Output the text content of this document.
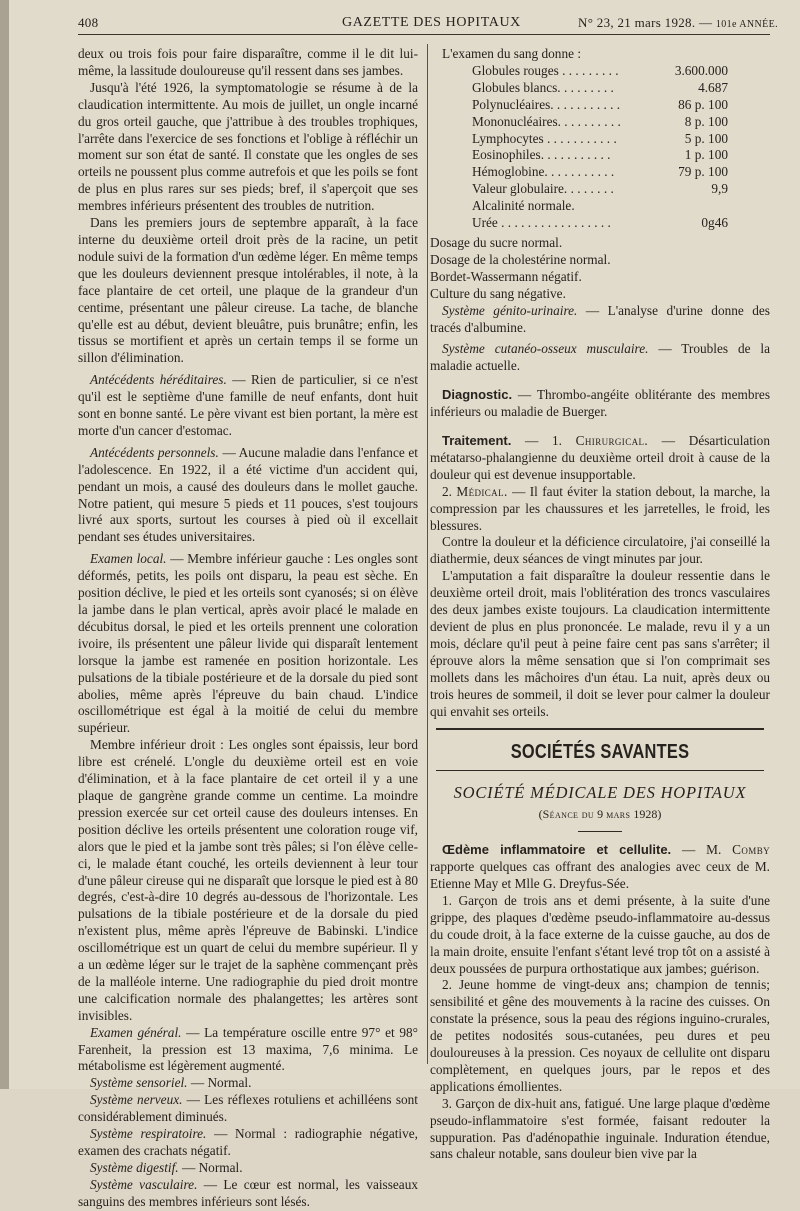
408	GAZETTE DES HOPITAUX	N° 23, 21 mars 1928. — 101e ANNÉE.

deux ou trois fois pour faire disparaître, comme il le dit lui-même, la lassitude douloureuse qu'il ressent dans ses jambes.

Jusqu'à l'été 1926, la symptomatologie se résume à de la claudication intermittente. Au mois de juillet, un ongle incarné du gros orteil gauche, que j'attribue à des troubles trophiques, l'arrête dans l'exercice de ses fonctions et l'oblige à réfléchir un moment sur son état de santé. Il constate que les ongles de ses orteils ne poussent plus comme autrefois et que les poils se font de plus en plus rares sur ses pieds; bref, il s'aperçoit que ses membres inférieurs présentent des troubles de nutrition.

Dans les premiers jours de septembre apparaît, à la face interne du deuxième orteil droit près de la racine, un petit nodule suivi de la formation d'un œdème léger. En même temps que les douleurs deviennent presque intolérables, il note, à la face plantaire de cet orteil, une plaque de la grandeur d'un centime, présentant une pâleur cireuse. La tache, de blanche qu'elle est au début, devient bleuâtre, puis brunâtre; enfin, les tissus se mortifient et après un certain temps il se forme un sillon d'élimination.

Antécédents héréditaires. — Rien de particulier, si ce n'est qu'il est le septième d'une famille de neuf enfants, dont huit sont en bonne santé. Le père vivant est bien portant, la mère est morte d'un cancer d'estomac.

Antécédents personnels. — Aucune maladie dans l'enfance et l'adolescence. En 1922, il a été victime d'un accident qui, pendant un mois, a causé des douleurs dans le mollet gauche. Notre patient, qui mesure 5 pieds et 11 pouces, s'est toujours livré aux sports, surtout les courses à pied où il excellait pendant ses études universitaires.

Examen local. — Membre inférieur gauche : Les ongles sont déformés, petits, les poils ont disparu, la peau est sèche. En position déclive, le pied et les orteils sont cyanosés; si on élève la jambe dans le plan vertical, après avoir placé le malade en décubitus dorsal, le pied et les orteils prennent une coloration ivoire, ils présentent une pâleur livide qui disparaît lentement lorsque la jambe est ramenée en position horizontale. Les pulsations de la tibiale postérieure et de la dorsale du pied sont abolies, même après l'épreuve du bain chaud. L'indice oscillométrique est égal à la moitié de celui du membre supérieur.

Membre inférieur droit : Les ongles sont épaissis, leur bord libre est crénelé. L'ongle du deuxième orteil est en voie d'élimination, et à la face plantaire de cet orteil il y a une plaque de gangrène grande comme un centime. La moindre pression exercée sur cet orteil cause des douleurs intenses. En position déclive les orteils présentent une coloration rouge vif, alors que le pied et la jambe sont très pâles; si l'on élève celle-ci, le malade étant couché, les orteils deviennent à leur tour d'une pâleur cireuse qui ne disparaît que lorsque le pied est à 80 degrés, c'est-à-dire 10 degrés au-dessous de l'horizontale. Les pulsations de la tibiale postérieure et de la dorsale du pied n'existent plus, même après l'épreuve de Babinski. L'indice oscillométrique est un quart de celui du membre supérieur. Il y a un œdème léger sur le trajet de la saphène commençant près de la malléole interne. Une radiographie du pied droit montre une calcification normale des phalangettes; les artères sont invisibles.

Examen général. — La température oscille entre 97° et 98° Farenheit, la pression est 13 maxima, 7,6 minima. Le métabolisme est légèrement augmenté.

Système sensoriel. — Normal.

Système nerveux. — Les réflexes rotuliens et achilléens sont considérablement diminués.

Système respiratoire. — Normal : radiographie négative, examen des crachats négatif.

Système digestif. — Normal.

Système vasculaire. — Le cœur est normal, les vaisseaux sanguins des membres inférieurs sont lésés.

L'examen du sang donne :

Globules rouges . . . . . . . . .	3.600.000
Globules blancs. . . . . . . . .	4.687
Polynucléaires. . . . . . . . . . .	86 p. 100
Mononucléaires. . . . . . . . . .	8 p. 100
Lymphocytes . . . . . . . . . . .	5 p. 100
Eosinophiles. . . . . . . . . . .	1 p. 100
Hémoglobine. . . . . . . . . . .	79 p. 100
Valeur globulaire. . . . . . . .	9,9
Alcalinité normale.	
Urée . . . . . . . . . . . . . . . . .	0g46

Dosage du sucre normal.

Dosage de la cholestérine normal.

Bordet-Wassermann négatif.

Culture du sang négative.

Système génito-urinaire. — L'analyse d'urine donne des tracés d'albumine.

Système cutanéo-osseux musculaire. — Troubles de la maladie actuelle.

Diagnostic. — Thrombo-angéite oblitérante des membres inférieurs ou maladie de Buerger.

Traitement. — 1. Chirurgical. — Désarticulation métatarso-phalangienne du deuxième orteil droit à cause de la douleur qui est devenue insupportable.

2. Médical. — Il faut éviter la station debout, la marche, la compression par les chaussures et les jarretelles, le froid, les blessures.

Contre la douleur et la déficience circulatoire, j'ai conseillé la diathermie, deux séances de vingt minutes par jour.

L'amputation a fait disparaître la douleur ressentie dans le deuxième orteil droit, mais l'oblitération des troncs vasculaires des deux jambes existe toujours. La claudication intermittente devient de plus en plus prononcée. Le malade, revu il y a un mois, déclare qu'il peut à peine faire cent pas sans s'arrêter; il éprouve alors la même sensation que si l'on comprimait ses mollets dans les mâchoires d'un étau. La nuit, après deux ou trois heures de sommeil, il doit se lever pour calmer la douleur qui envahit ses orteils.

SOCIÉTÉS SAVANTES
SOCIÉTÉ MÉDICALE DES HOPITAUX
(Séance du 9 mars 1928)

Œdème inflammatoire et cellulite. — M. Comby rapporte quelques cas offrant des analogies avec ceux de M. Etienne May et Mlle G. Dreyfus-Sée.

1. Garçon de trois ans et demi présente, à la suite d'une grippe, des plaques d'œdème pseudo-inflammatoire au-dessus du coude droit, à la face externe de la cuisse gauche, au dos de la main droite, ensuite l'enfant s'étant levé trop tôt on a assisté à deux poussées de purpura orthostatique aux jambes; guérison.

2. Jeune homme de vingt-deux ans; champion de tennis; sensibilité et gêne des mouvements à la racine des cuisses. On constate la présence, sous la peau des régions inguino-crurales, de petites nodosités sous-cutanées, peu dures et peu douloureuses à la pression. Ces noyaux de cellulite ont disparu complètement, en quelques jours, par le repos et des applications émollientes.

3. Garçon de dix-huit ans, fatigué. Une large plaque d'œdème pseudo-inflammatoire s'est formée, faisant redouter la suppuration. Pas d'adénopathie inguinale. Induration étendue, sans chaleur notable, sans douleur bien vive par la
